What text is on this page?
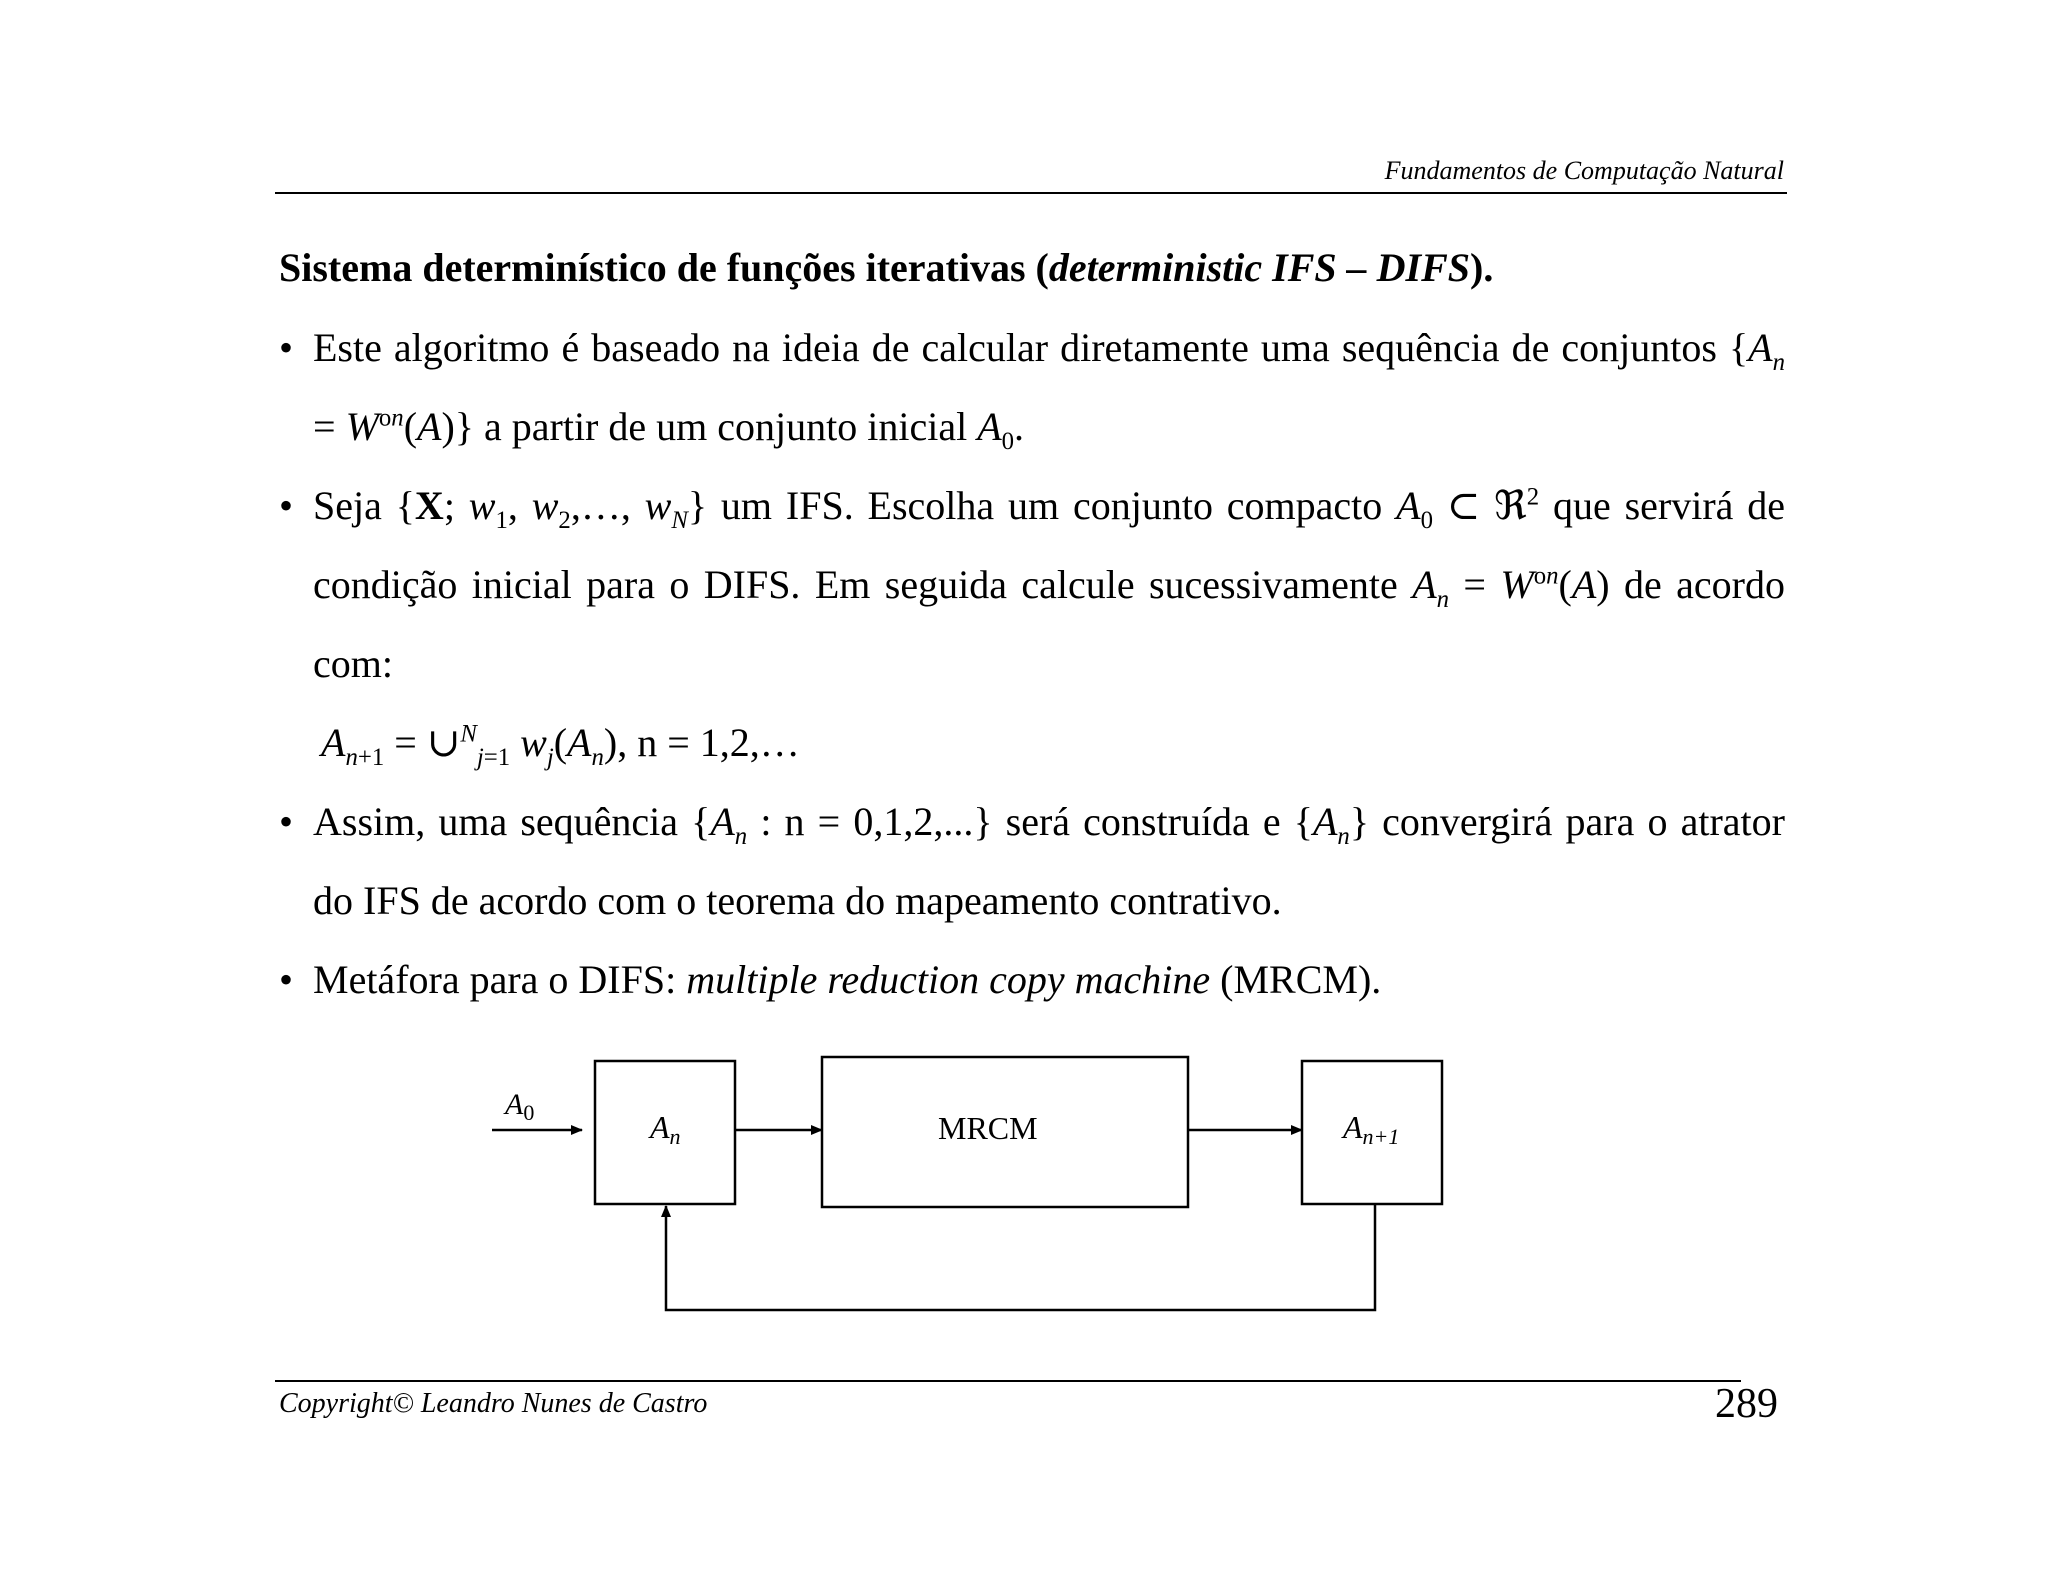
Fundamentos de Computação Natural
Sistema determinístico de funções iterativas (deterministic IFS – DIFS).
• Este algoritmo é baseado na ideia de calcular diretamente uma sequência de conjuntos $\{A_n = W^{on}(A)\}$ a partir de um conjunto inicial $A_0$.
• Seja {X; $w_1$, $w_2,\dots$, $w_N$} um IFS. Escolha um conjunto compacto $A_0$ ⊂ ℜ$^2$ que servirá de condição inicial para o DIFS. Em seguida calcule sucessivamente $A_n = W^{on}(A)$ de acordo com:
$A_{n+1}$ = ∪$^N_{j=1}$ $w_j(A_n)$, n = 1,2,…
• Assim, uma sequência {$A_n$ : n = 0,1,2,...} será construída e $\{A_n\}$ convergirá para o atrator do IFS de acordo com o teorema do mapeamento contrativo.
• Metáfora para o DIFS: multiple reduction copy machine (MRCM).
$A_0$	An	MRCM	An+1
Copyright© Leandro Nunes de Castro	289
